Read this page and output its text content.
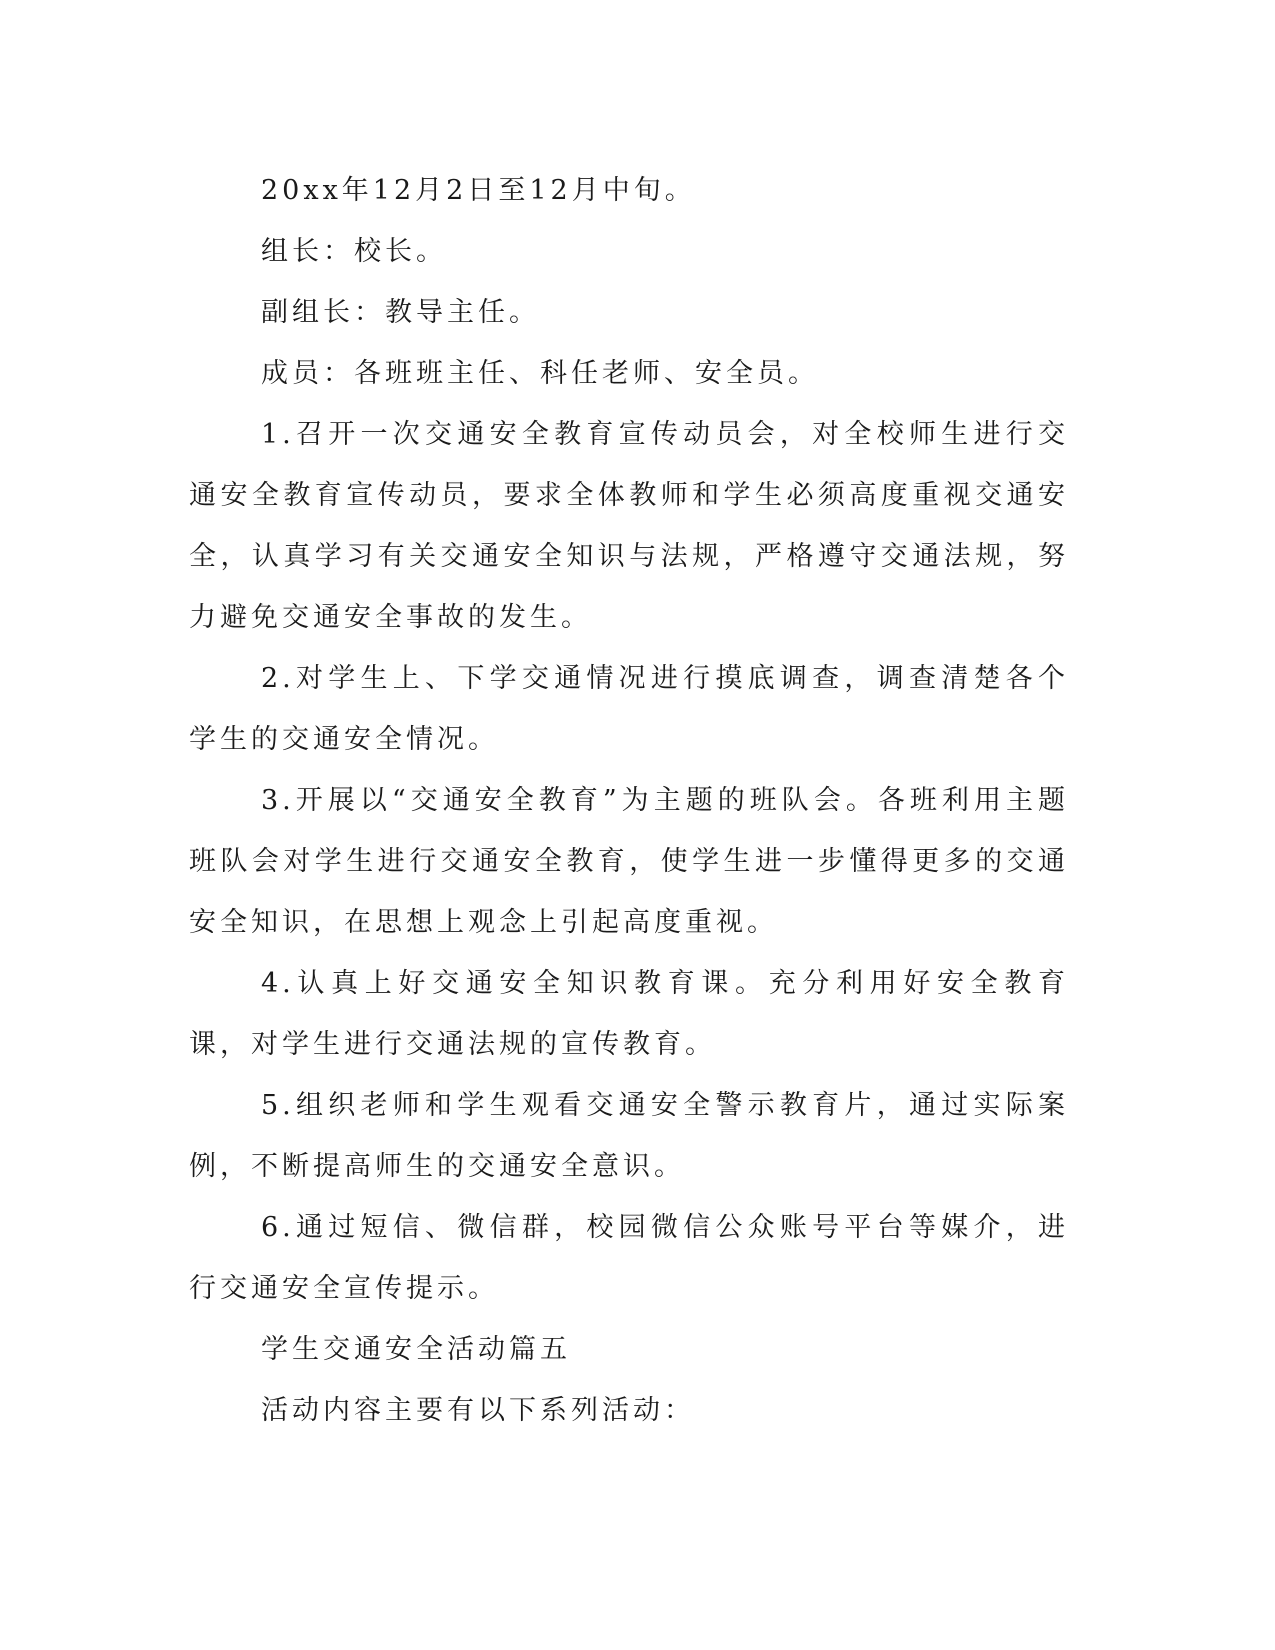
20xx年12月2日至12月中旬。

组长：校长。

副组长：教导主任。

成员：各班班主任、科任老师、安全员。

1.召开一次交通安全教育宣传动员会，对全校师生进行交通安全教育宣传动员，要求全体教师和学生必须高度重视交通安全，认真学习有关交通安全知识与法规，严格遵守交通法规，努力避免交通安全事故的发生。

2.对学生上、下学交通情况进行摸底调查，调查清楚各个学生的交通安全情况。

3.开展以“交通安全教育”为主题的班队会。各班利用主题班队会对学生进行交通安全教育，使学生进一步懂得更多的交通安全知识，在思想上观念上引起高度重视。

4.认真上好交通安全知识教育课。充分利用好安全教育课，对学生进行交通法规的宣传教育。

5.组织老师和学生观看交通安全警示教育片，通过实际案例，不断提高师生的交通安全意识。

6.通过短信、微信群，校园微信公众账号平台等媒介，进行交通安全宣传提示。

学生交通安全活动篇五

活动内容主要有以下系列活动：
